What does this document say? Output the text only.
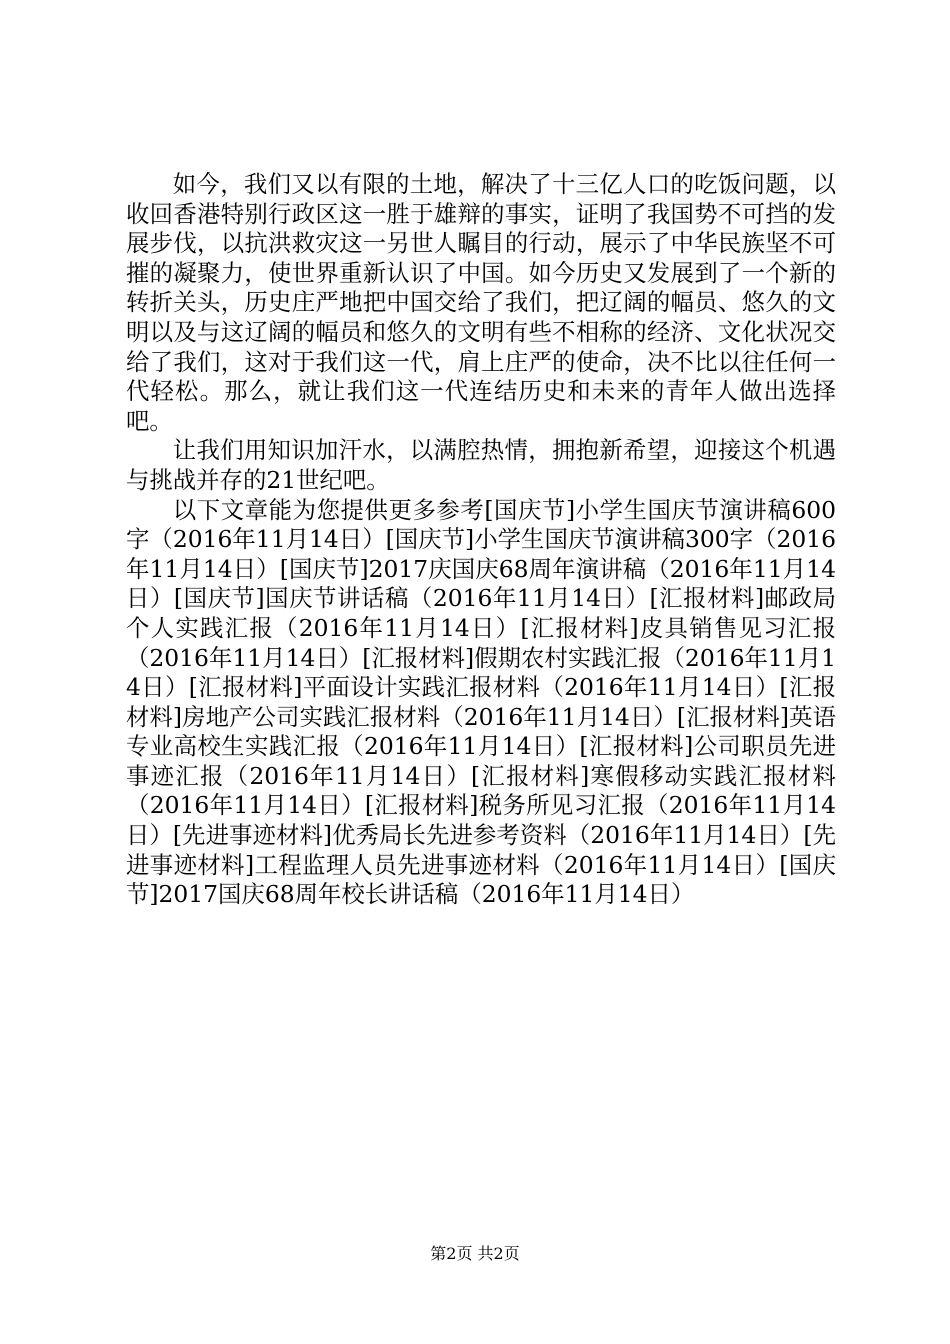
如今，我们又以有限的土地，解决了十三亿人口的吃饭问题，以收回香港特别行政区这一胜于雄辩的事实，证明了我国势不可挡的发展步伐，以抗洪救灾这一另世人瞩目的行动，展示了中华民族坚不可摧的凝聚力，使世界重新认识了中国。如今历史又发展到了一个新的转折关头，历史庄严地把中国交给了我们，把辽阔的幅员、悠久的文明以及与这辽阔的幅员和悠久的文明有些不相称的经济、文化状况交给了我们，这对于我们这一代，肩上庄严的使命，决不比以往任何一代轻松。那么，就让我们这一代连结历史和未来的青年人做出选择吧。

让我们用知识加汗水，以满腔热情，拥抱新希望，迎接这个机遇与挑战并存的21世纪吧。

以下文章能为您提供更多参考[国庆节]小学生国庆节演讲稿600字（2016年11月14日）[国庆节]小学生国庆节演讲稿300字（2016年11月14日）[国庆节]2017庆国庆68周年演讲稿（2016年11月14日）[国庆节]国庆节讲话稿（2016年11月14日）[汇报材料]邮政局个人实践汇报（2016年11月14日）[汇报材料]皮具销售见习汇报（2016年11月14日）[汇报材料]假期农村实践汇报（2016年11月14日）[汇报材料]平面设计实践汇报材料（2016年11月14日）[汇报材料]房地产公司实践汇报材料（2016年11月14日）[汇报材料]英语专业高校生实践汇报（2016年11月14日）[汇报材料]公司职员先进事迹汇报（2016年11月14日）[汇报材料]寒假移动实践汇报材料（2016年11月14日）[汇报材料]税务所见习汇报（2016年11月14日）[先进事迹材料]优秀局长先进参考资料（2016年11月14日）[先进事迹材料]工程监理人员先进事迹材料（2016年11月14日）[国庆节]2017国庆68周年校长讲话稿（2016年11月14日）

第2页 共2页
